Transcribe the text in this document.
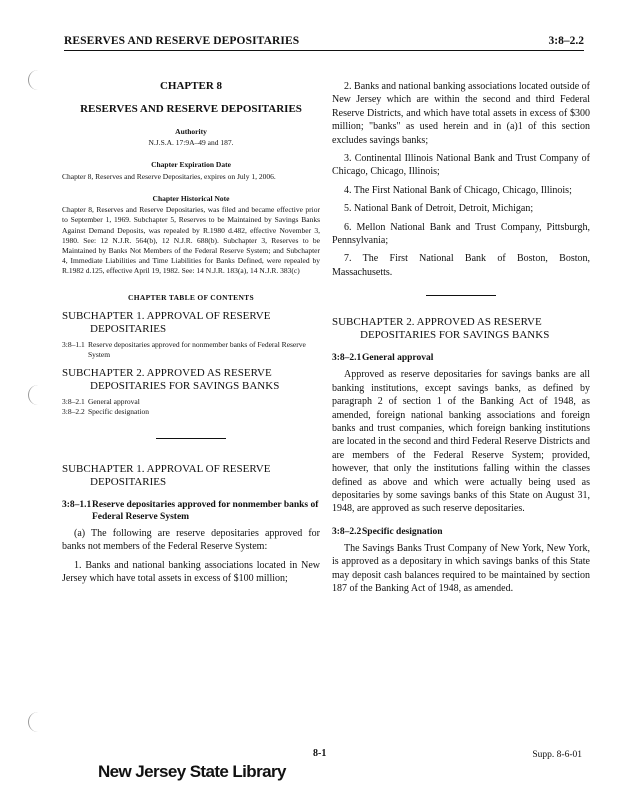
RESERVES AND RESERVE DEPOSITARIES	3:8–2.2
CHAPTER 8
RESERVES AND RESERVE DEPOSITARIES
Authority
N.J.S.A. 17:9A–49 and 187.
Chapter Expiration Date

Chapter 8, Reserves and Reserve Depositaries, expires on July 1, 2006.

Chapter Historical Note

Chapter 8, Reserves and Reserve Depositaries, was filed and became effective prior to September 1, 1969. Subchapter 5, Reserves to be Maintained by Savings Banks Against Demand Deposits, was repealed by R.1980 d.482, effective November 3, 1980. See: 12 N.J.R. 564(b), 12 N.J.R. 688(b). Subchapter 3, Reserves to be Maintained by Banks Not Members of the Federal Reserve System; and Subchapter 4, Immediate Liabilities and Time Liabilities for Banks Defined, were repealed by R.1982 d.125, effective April 19, 1982. See: 14 N.J.R. 183(a), 14 N.J.R. 383(c)

CHAPTER TABLE OF CONTENTS
SUBCHAPTER 1. APPROVAL OF RESERVE
DEPOSITARIES
3:8–1.1 Reserve depositaries approved for nonmember banks of Federal Reserve System
SUBCHAPTER 2. APPROVED AS RESERVE
DEPOSITARIES FOR SAVINGS BANKS
3:8–2.1 General approval
3:8–2.2 Specific designation
SUBCHAPTER 1. APPROVAL OF RESERVE
DEPOSITARIES
3:8–1.1 Reserve depositaries approved for nonmember banks of Federal Reserve System

(a) The following are reserve depositaries approved for banks not members of the Federal Reserve System:

1. Banks and national banking associations located in New Jersey which have total assets in excess of $100 million;

2. Banks and national banking associations located outside of New Jersey which are within the second and third Federal Reserve Districts, and which have total assets in excess of $300 million; "banks" as used herein and in (a)1 of this section excludes savings banks;

3. Continental Illinois National Bank and Trust Company of Chicago, Chicago, Illinois;

4. The First National Bank of Chicago, Chicago, Illinois;

5. National Bank of Detroit, Detroit, Michigan;

6. Mellon National Bank and Trust Company, Pittsburgh, Pennsylvania;

7. The First National Bank of Boston, Boston, Massachusetts.

SUBCHAPTER 2. APPROVED AS RESERVE
DEPOSITARIES FOR SAVINGS BANKS
3:8–2.1 General approval

Approved as reserve depositaries for savings banks are all banking institutions, except savings banks, as defined by paragraph 2 of section 1 of the Banking Act of 1948, as amended, foreign national banking associations and foreign banks and trust companies, which foreign banking institutions are located in the second and third Federal Reserve Districts and are members of the Federal Reserve System; provided, however, that only the institutions falling within the classes defined as above and which were actually being used as depositaries by some savings banks of this State on August 31, 1948, are approved as such reserve depositaries.

3:8–2.2 Specific designation

The Savings Banks Trust Company of New York, New York, is approved as a depositary in which savings banks of this State may deposit cash balances required to be maintained by section 187 of the Banking Act of 1948, as amended.

8-1	Supp. 8-6-01
New Jersey State Library
